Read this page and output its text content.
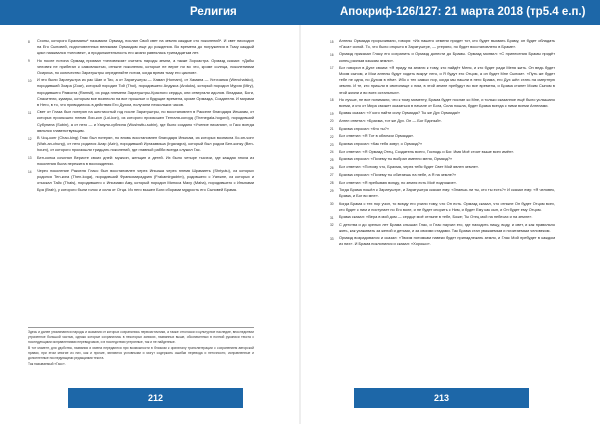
Религия
8	Схоны, которого Брахманы* называли Ормазд, послал Свой свет на землю каждые сто поколений*. И свет нисходил на Его Сыновей, подготовленных великими Ормаздом еще до рождения. Во времена до погружения в Тьму каждый цикл назывался «человек», а продолжительность его жизни равнялась тринадцатым лет.
9	Но после потопа Ормазд призвал «человеком» считать народы земли, а также Зороастра. Ормазд сказал: «Дабы человек не прибегал к самовластью, отныне поколения, которые не верят ни во что, кроме солнца, поколениями Осириса, но количество Заратуштры определяйте потом, когда время тьму его циклов».
10	И это были Заратуштра из рас Шан и Тис, а от Заратуштры — Хаман (Homam), от Хамана — Усточанка (Wenchaisko), породивший Зоара (Zoar), который породил Той (Thoi), породившего Андукса (Anduks), который породил Мурия (Miry), породившего Рамсита (Ramsit), из рода племени Заратуштры-Красного сердца, они отвергали идолов. Владыки, Боги, Спасители, кумиры, которым все вознесли на все прошлые и будущие времена, кроме Ормазда, Создателя. И мирами в Него, в то, что приводилось в действия Его Духом, получили нескольких часов.
11	Свет от Глаза был потерян на шестисотый год после Заратуштры, но восстановлен в Ракселе благодаря Иешиам, от которых произошло племя Лои-кон (Loi-kon), из которого произошел Тенгаля-когорд (Thenegala-hogord), породивший Субунина (Subin), а от него — и Уазули-субнина (Wushwttu-subin), где было создано «Учение писания», и Гасс всегда являлся главенствующим.
12	В Чоц-конг (Chao-king) Глас был потерян, но вновь восстановлен благодаря Иньюам, из которых возникла Хо-ян-чонг (Wah-an-chung), от него родился Azap (Azin), породивший Иргазавиша (Irgavagra), который был родом Бен-конку (Ben-houm), от которого произошли тридцать поколений, где главный рабби всегда служил Гас.
13	Бен-конка сочинял Веристе своих дней: мужчин, женщин и детей. Их было четыре тысячи, где каждая эпоха из поколения была пережита в восхождении.
14	Через поколение Ракселя Гласс был восстановлен через Иньиша через племя Шрамиеть (Shriyutu), из которых родился Тен-кига (Then-koga), породивший Франкомирадрию (Frakamirgadrim), родившего с Уанжне, из которых и отыскал Тайс (Thais), породившего с Иньюами Аму, который породил Миноса Маху (Maha), породившего с Иньюами Бра (Brah), у которого были голос и сила от Отца. Из него вышел Боги сборами мудрость его Сыновей Брама.

Здесь и далее упоминаются народы и сказания от которых сохранились первоисточники, а также отголоски и культурное наследие, впоследствии утраченное большой частью, однако которые сохранились в некоторых записях, названных выше, обозначенных в полной рукописи текста с последующими исправлениями переводчиков, и в последствии утерянные, так и не найденные.

В тот момент, для удобства, названия и имена передаются при возможности в близком к оригиналу транслитерации с сохранением авторской правки, при этом многие из них, как и прочие, являются условными и могут содержать ошибки перевода и неточности, исправленные и дополненные последующими редакциями текста.

Так называемый «Гасс».

212
Апокриф-126/127: 21 марта 2018 (тр5.4 е.п.)
15	Ангелы Ормазда прорычивали, говоря: «Из нашего семени придет тот, кто будет вызвать Браму, он будет обладать «Гаса» силой. То, что было открыто в Заратуштре, — утеряно, но будет восстановлено в Браме».
16	Ормазд приказал Гласу его сохранить и Ормазд донести до Брамы. Ормазд молвил: «С принесения Брамы придёт конец разным языкам земли».
17	Бог говорил в Духе своим: «Я приду на землю к тому, кто найдёт Меня, и кто будет ради Меня жить. Он ведь будет Моим сыном, и Мои ангелы будут ходить вокруг него, и Я будут его Отцом, а он будет Мне Сыном». «Путь же будет тебе не одна, но Духом в нём». Ибо с тех самых пор, когда мы нашли в него Брама, его Дух шёл стать на смертную землю. И те, кто пришли в святилище с ним, в этой земле пребудут во все времена, и Брама станет Моим Сыном в этой жизни и во всех остальных».
18	Но лучше, не все понимали, что к тому моменту, Брама будет послан ко Мне, и только сказанное ещё было услышано всеми, и кто от Мира сможет оказаться в начале от Бога, Сила пошла, будет Брама всегда с ними всеми Ангелами.
19	Брамы сказал: «У кого найти силу Ормазда? Ты же Дух Ормазда!»
20	Ангел ответил: «Брахма, тот же Дух. Он — Бог Единый».
21	Брахма спросил: «Кто ты?»
22	Бог ответил: «Я Тот в обличии Ормазда».
23	Брахма спросил: «Как тебя зовут, о Ормазд?»
24	Бог ответил: «Я Ормазд Отец, Создатель всего, Господь и Бог. Имя Моё стоит выше всех имён».
25	Брахма спросил: «Почему ты выбрал именно меня, Ормазд?»
26	Бог ответил: «Потому что, Брахма, через тебя будет Свет Мой явлен земле».
27	Брахма спросил: «Почему ты обитаешь на небе, а Я на земле?»
28	Бог ответил: «Я пребываю всюду, но земля есть Моё подножие».
29	Тогда Брама пошёл к Заратуштре, и Заратуштра сказал ему: «Знаешь ли ты, кто ты есть?» И сказал ему: «Я человек, Брама, и Бог во мне».
30	Когда Брама с тех пор учил, то всюду его учили тому, что Он есть. Ормазд сказал, что отныне Он будет Отцом всех, кто будет с ним и поступает по Его воле, и не будет спорить с Ним, и будет Ему как сын, и Он будет ему Отцом.
31	Брама сказал: «Вера в мой дом — сердце моё отныне в тебе, Боже; Ты Отец мой на небесах и на земле».
32	С детства и до зрелых лет Брама слышал Глас, и Глас научил его, где находить пищу, воду, и свет, и как правильно жить, как ухаживать за женой и детьми, и за своими стадами. Так Брама стал уважаемым и почитаемым человеком.
33	Ормазд возрадовался и сказал: «Твоим потомкам навеки будет принадлежать земля, и Глас Мой пребудет в каждом из них». И Брама поклонился и сказал: «Хорошо».
213
